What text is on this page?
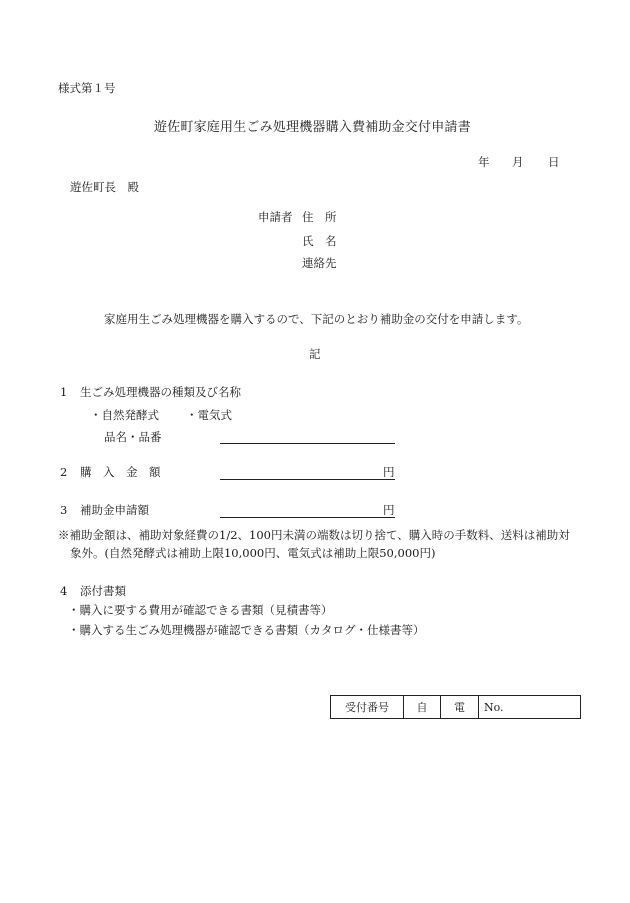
様式第１号
遊佐町家庭用生ごみ処理機器購入費補助金交付申請書
年 月 日
遊佐町長　殿
申請者 住　所
氏　名
連絡先
家庭用生ごみ処理機器を購入するので、下記のとおり補助金の交付を申請します。
記
1 生ごみ処理機器の種類及び名称
・自然発酵式 ・電気式
品名・品番
2 購　入　金　額	円
3 補助金申請額	円
※補助金額は、補助対象経費の1/2、100円未満の端数は切り捨て、購入時の手数料、送料は補助対
象外。(自然発酵式は補助上限10,000円、電気式は補助上限50,000円)
4 添付書類
・購入に要する費用が確認できる書類（見積書等）
・購入する生ごみ処理機器が確認できる書類（カタログ・仕様書等）
受付番号	自	電	No.
